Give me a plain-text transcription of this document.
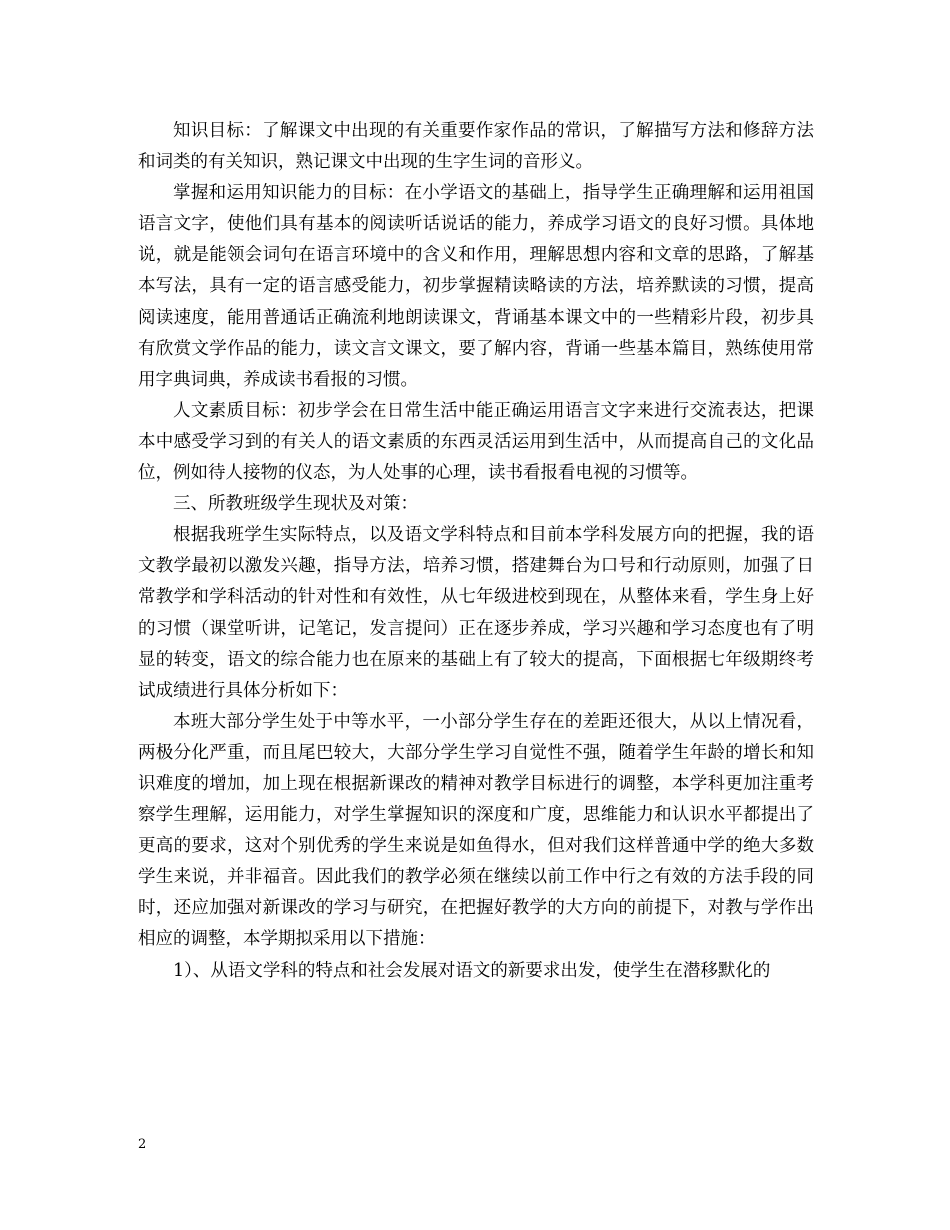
知识目标：了解课文中出现的有关重要作家作品的常识，了解描写方法和修辞方法和词类的有关知识，熟记课文中出现的生字生词的音形义。

掌握和运用知识能力的目标：在小学语文的基础上，指导学生正确理解和运用祖国语言文字，使他们具有基本的阅读听话说话的能力，养成学习语文的良好习惯。具体地说，就是能领会词句在语言环境中的含义和作用，理解思想内容和文章的思路，了解基本写法，具有一定的语言感受能力，初步掌握精读略读的方法，培养默读的习惯，提高阅读速度，能用普通话正确流利地朗读课文，背诵基本课文中的一些精彩片段，初步具有欣赏文学作品的能力，读文言文课文，要了解内容，背诵一些基本篇目，熟练使用常用字典词典，养成读书看报的习惯。

人文素质目标：初步学会在日常生活中能正确运用语言文字来进行交流表达，把课本中感受学习到的有关人的语文素质的东西灵活运用到生活中，从而提高自己的文化品位，例如待人接物的仪态，为人处事的心理，读书看报看电视的习惯等。

三、所教班级学生现状及对策：

根据我班学生实际特点，以及语文学科特点和目前本学科发展方向的把握，我的语文教学最初以激发兴趣，指导方法，培养习惯，搭建舞台为口号和行动原则，加强了日常教学和学科活动的针对性和有效性，从七年级进校到现在，从整体来看，学生身上好的习惯（课堂听讲，记笔记，发言提问）正在逐步养成，学习兴趣和学习态度也有了明显的转变，语文的综合能力也在原来的基础上有了较大的提高，下面根据七年级期终考试成绩进行具体分析如下：

本班大部分学生处于中等水平，一小部分学生存在的差距还很大，从以上情况看，两极分化严重，而且尾巴较大，大部分学生学习自觉性不强，随着学生年龄的增长和知识难度的增加，加上现在根据新课改的精神对教学目标进行的调整，本学科更加注重考察学生理解，运用能力，对学生掌握知识的深度和广度，思维能力和认识水平都提出了更高的要求，这对个别优秀的学生来说是如鱼得水，但对我们这样普通中学的绝大多数学生来说，并非福音。因此我们的教学必须在继续以前工作中行之有效的方法手段的同时，还应加强对新课改的学习与研究，在把握好教学的大方向的前提下，对教与学作出相应的调整，本学期拟采用以下措施：

1）、从语文学科的特点和社会发展对语文的新要求出发，使学生在潜移默化的

2
